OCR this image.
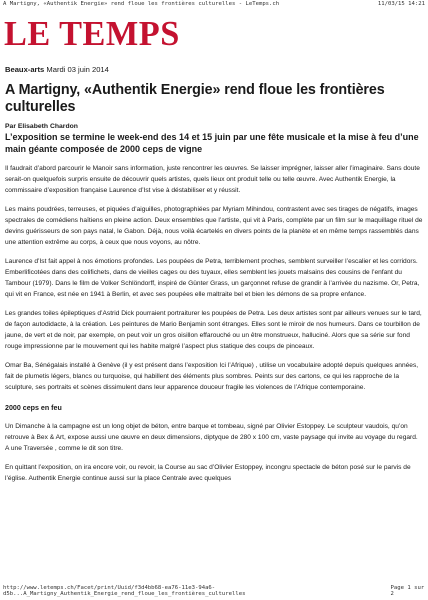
A Martigny, «Authentik Energie» rend floue les frontières culturelles - LeTemps.ch	11/03/15 14:21
LE TEMPS
Beaux-arts Mardi 03 juin 2014
A Martigny, «Authentik Energie» rend floue les frontières culturelles
Par Elisabeth Chardon
L’exposition se termine le week-end des 14 et 15 juin par une fête musicale et la mise à feu d’une main géante composée de 2000 ceps de vigne

Il faudrait d’abord parcourir le Manoir sans information, juste rencontrer les œuvres. Se laisser imprégner, laisser aller l’imaginaire. Sans doute serait-on quelquefois surpris ensuite de découvrir quels artistes, quels lieux ont produit telle ou telle œuvre. Avec Authentik Energie, la commissaire d’exposition française Laurence d’Ist vise à déstabiliser et y réussit.

Les mains poudrées, terreuses, et piquées d’aiguilles, photographiées par Myriam Mihindou, contrastent avec ses tirages de négatifs, images spectrales de comédiens haïtiens en pleine action. Deux ensembles que l’artiste, qui vit à Paris, complète par un film sur le maquillage rituel de devins guérisseurs de son pays natal, le Gabon. Déjà, nous voilà écartelés en divers points de la planète et en même temps rassemblés dans une attention extrême au corps, à ceux que nous voyons, au nôtre.

Laurence d’Ist fait appel à nos émotions profondes. Les poupées de Petra, terriblement proches, semblent surveiller l’escalier et les corridors. Emberlificotées dans des colifichets, dans de vieilles cages ou des tuyaux, elles semblent les jouets malsains des cousins de l’enfant du Tambour (1979). Dans le film de Volker Schlöndorff, inspiré de Günter Grass, un garçonnet refuse de grandir à l’arrivée du nazisme. Or, Petra, qui vit en France, est née en 1941 à Berlin, et avec ses poupées elle maltraite bel et bien les démons de sa propre enfance.

Les grandes toiles épileptiques d’Astrid Dick pourraient portraiturer les poupées de Petra. Les deux artistes sont par ailleurs venues sur le tard, de façon autodidacte, à la création. Les peintures de Mario Benjamin sont étranges. Elles sont le miroir de nos humeurs. Dans ce tourbillon de jaune, de vert et de noir, par exemple, on peut voir un gros oisillon effarouché ou un être monstrueux, halluciné. Alors que sa série sur fond rouge impressionne par le mouvement qui les habite malgré l’aspect plus statique des coups de pinceaux.

Omar Ba, Sénégalais installé à Genève (il y est présent dans l’exposition Ici l’Afrique) , utilise un vocabulaire adopté depuis quelques années, fait de plumetis légers, blancs ou turquoise, qui habillent des éléments plus sombres. Peints sur des cartons, ce qui les rapproche de la sculpture, ses portraits et scènes dissimulent dans leur apparence douceur fragile les violences de l’Afrique contemporaine.

2000 ceps en feu

Un Dimanche à la campagne est un long objet de béton, entre barque et tombeau, signé par Olivier Estoppey. Le sculpteur vaudois, qu’on retrouve à Bex & Art, expose aussi une œuvre en deux dimensions, diptyque de 280 x 100 cm, vaste paysage qui invite au voyage du regard. A une Traversée , comme le dit son titre.

En quittant l’exposition, on ira encore voir, ou revoir, la Course au sac d’Olivier Estoppey, incongru spectacle de béton posé sur le parvis de l’église. Authentik Energie continue aussi sur la place Centrale avec quelques

http://www.letemps.ch/Facet/print/Uuid/f3d4bb68-ea76-11e3-94a6-d5b...A_Martigny_Authentik_Energie_rend_floue_les_frontières_culturelles
Page 1 sur 2
